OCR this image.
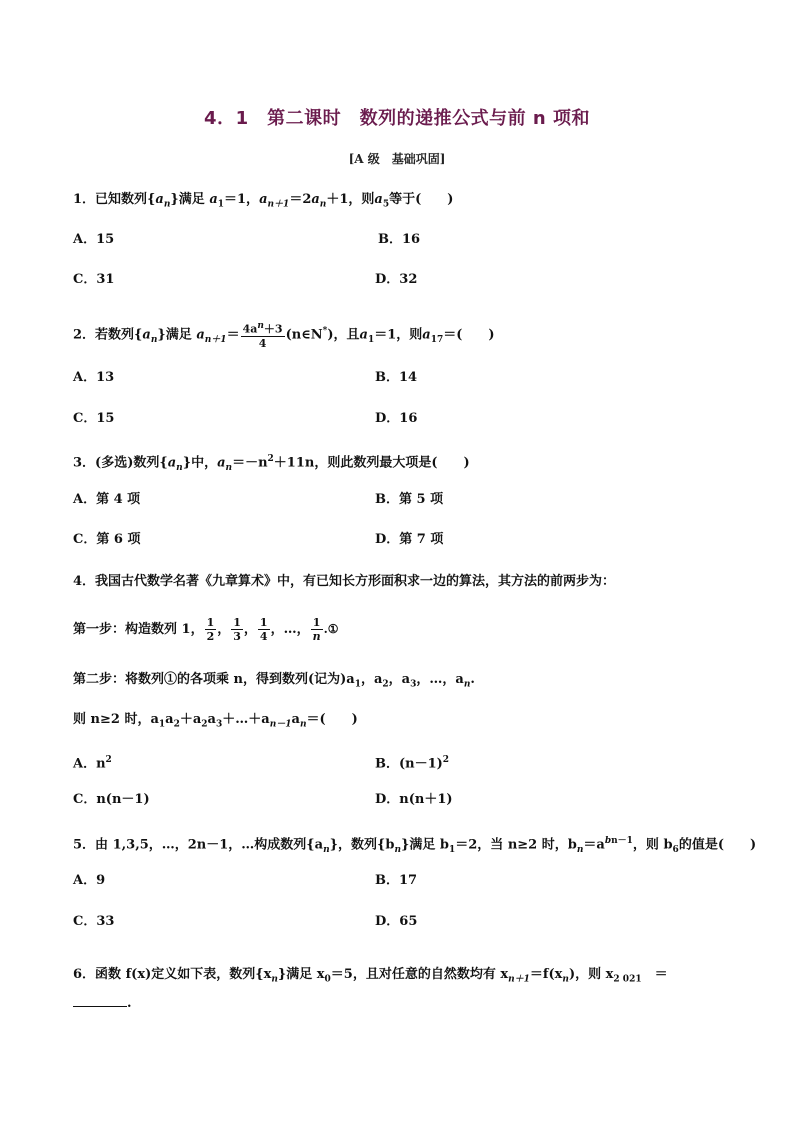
4．1　第二课时　数列的递推公式与前 n 项和
[A 级　基础巩固]
1．已知数列$\{a_n\}$满足 $a_1=1$，$a_{n+1}=2a_n+1$，则$a_5$等于(　　)
A．15	B．16
C．31	D．32
2．若数列$\{a_n\}$满足 $a_{n+1}= \frac{4a^n+3}{4}$ (n∈N*)，且$a_1=1$，则$a_{17}=$(　　)
A．13	B．14
C．15	D．16
3．(多选)数列$\{a_n\}$中，$a_n=-n^2+11n$，则此数列最大项是(　　)
A．第 4 项	B．第 5 项
C．第 6 项	D．第 7 项
4．我国古代数学名著《九章算术》中，有已知长方形面积求一边的算法，其方法的前两步为：
第一步：构造数列 1， $\frac{1}{2}$ ， $\frac{1}{3}$ ， $\frac{1}{4}$ ，…， $\frac{1}{n}$ .①
第二步：将数列①的各项乘 n，得到数列(记为)$a_1$，$a_2$，$a_3$，…，$a_n$.
则 n≥2 时，$a_1a_2+a_2a_3+\dots+a_{n-1}a_n=$(　　)
A．$n^2$	B．$(n-1)^2$
C．n(n－1)	D．n(n＋1)
5．由 1,3,5，…，2n－1，…构成数列$\{a_n\}$，数列$\{b_n\}$满足 $b_1=2$，当 n≥2 时，$b_n=a^{bn-1}$，则 $b_6$的值是(　　)
A．9	B．17
C．33	D．65
6．函数 f(x)定义如下表，数列$\{x_n\}$满足 $x_0=5$，且对任意的自然数均有 $x_{n+1}=f(x_n)$，则 $x_{2 021}$　＝
.
